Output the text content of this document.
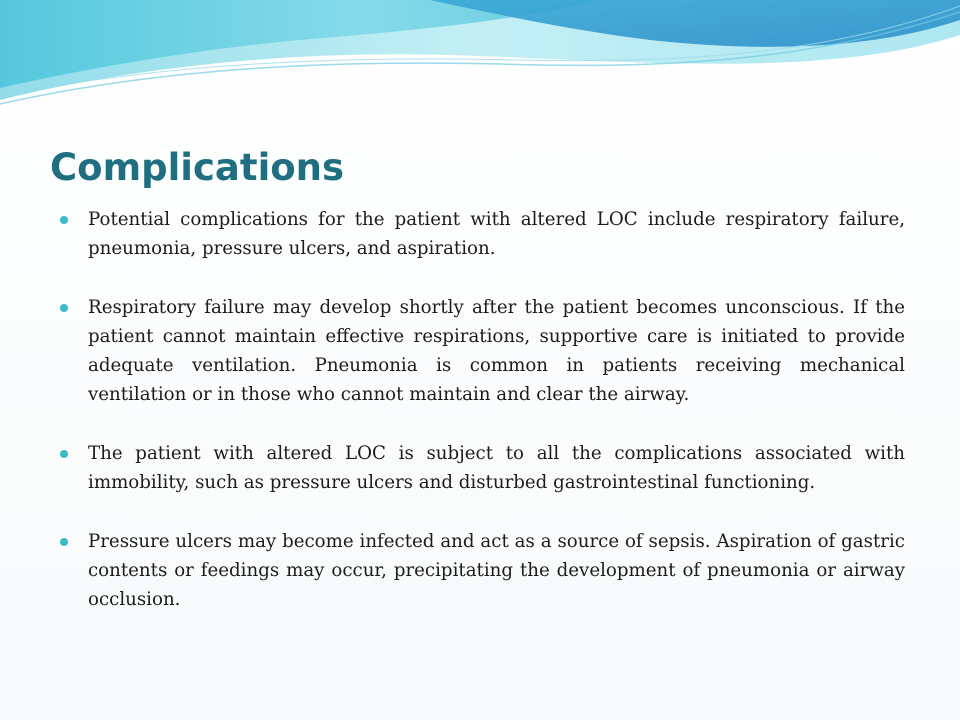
Complications
Potential complications for the patient with altered LOC include respiratory failure, pneumonia, pressure ulcers, and aspiration.
Respiratory failure may develop shortly after the patient becomes unconscious. If the patient cannot maintain effective respirations, supportive care is initiated to provide adequate ventilation. Pneumonia is common in patients receiving mechanical ventilation or in those who cannot maintain and clear the airway.
The patient with altered LOC is subject to all the complications associated with immobility, such as pressure ulcers and disturbed gastrointestinal functioning.
Pressure ulcers may become infected and act as a source of sepsis. Aspiration of gastric contents or feedings may occur, precipitating the development of pneumonia or airway occlusion.
